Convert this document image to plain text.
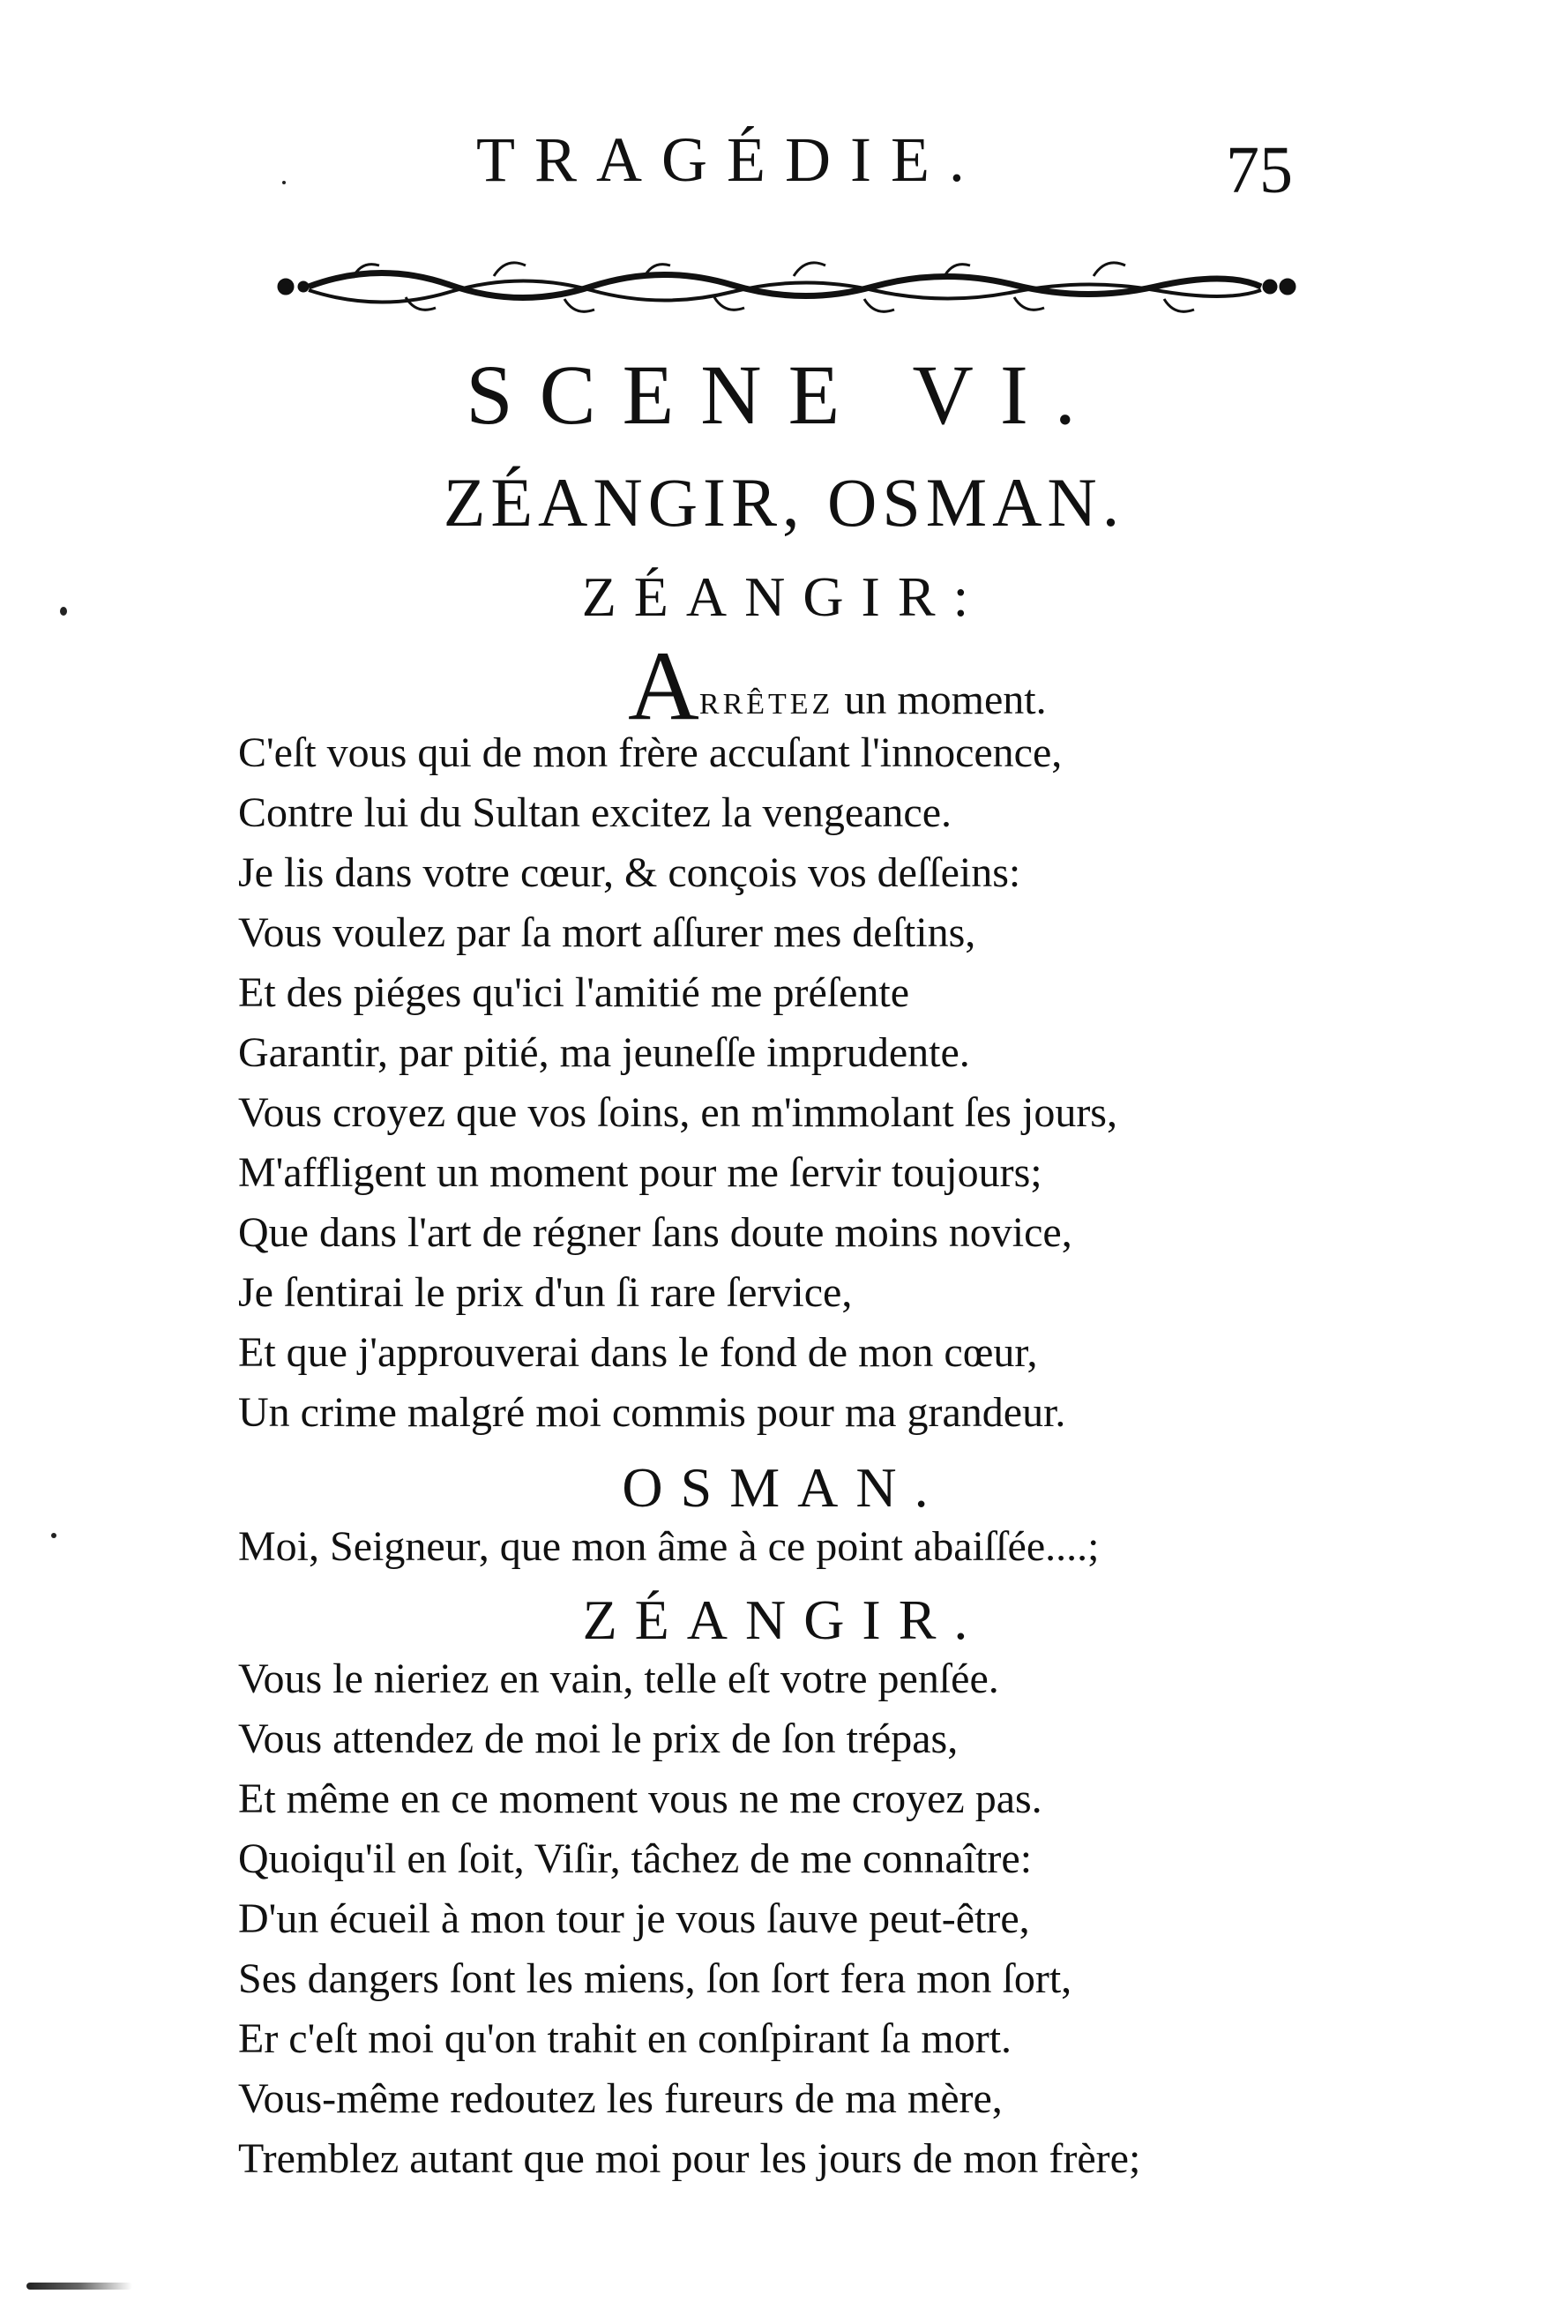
TRAGÉDIE.	75
SCENE VI.
ZÉANGIR, OSMAN.
ZÉANGIR:
ARRÊTEZ un moment.
C'eſt vous qui de mon frère accuſant l'innocence,
Contre lui du Sultan excitez la vengeance.
Je lis dans votre cœur, & conçois vos deſſeins:
Vous voulez par ſa mort aſſurer mes deſtins,
Et des piéges qu'ici l'amitié me préſente
Garantir, par pitié, ma jeuneſſe imprudente.
Vous croyez que vos ſoins, en m'immolant ſes jours,
M'affligent un moment pour me ſervir toujours;
Que dans l'art de régner ſans doute moins novice,
Je ſentirai le prix d'un ſi rare ſervice,
Et que j'approuverai dans le fond de mon cœur,
Un crime malgré moi commis pour ma grandeur.
OSMAN.
Moi, Seigneur, que mon âme à ce point abaiſſée....;
ZÉANGIR.
Vous le nieriez en vain, telle eſt votre penſée.
Vous attendez de moi le prix de ſon trépas,
Et même en ce moment vous ne me croyez pas.
Quoiqu'il en ſoit, Viſir, tâchez de me connaître:
D'un écueil à mon tour je vous ſauve peut-être,
Ses dangers ſont les miens, ſon ſort fera mon ſort,
Er c'eſt moi qu'on trahit en conſpirant ſa mort.
Vous-même redoutez les fureurs de ma mère,
Tremblez autant que moi pour les jours de mon frère;
